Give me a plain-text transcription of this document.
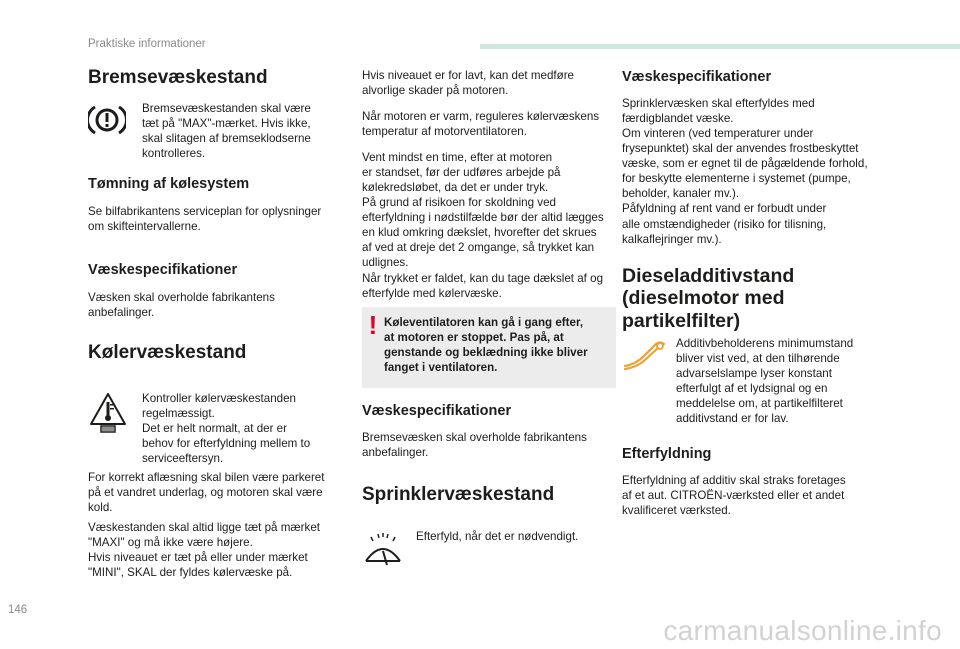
Praktiske informationer
Bremsevæskestand

Bremsevæskestanden skal være
tæt på "MAX"-mærket. Hvis ikke,
skal slitagen af bremseklodserne
kontrolleres.

Tømning af kølesystem

Se bilfabrikantens serviceplan for oplysninger
om skifteintervallerne.

Væskespecifikationer

Væsken skal overholde fabrikantens
anbefalinger.

Kølervæskestand

Kontroller kølervæskestanden
regelmæssigt.
Det er helt normalt, at der er
behov for efterfyldning mellem to
serviceeftersyn.

For korrekt aflæsning skal bilen være parkeret
på et vandret underlag, og motoren skal være
kold.

Væskestanden skal altid ligge tæt på mærket
"MAXI" og må ikke være højere.
Hvis niveauet er tæt på eller under mærket
"MINI", SKAL der fyldes kølervæske på.

Hvis niveauet er for lavt, kan det medføre
alvorlige skader på motoren.

Når motoren er varm, reguleres kølervæskens
temperatur af motorventilatoren.

Vent mindst en time, efter at motoren
er standset, før der udføres arbejde på
kølekredsløbet, da det er under tryk.
På grund af risikoen for skoldning ved
efterfyldning i nødstilfælde bør der altid lægges
en klud omkring dækslet, hvorefter det skrues
af ved at dreje det 2 omgange, så trykket kan
udlignes.
Når trykket er faldet, kan du tage dækslet af og
efterfylde med kølervæske.

! Køleventilatoren kan gå i gang efter,
at motoren er stoppet. Pas på, at
genstande og beklædning ikke bliver
fanget i ventilatoren.

Væskespecifikationer

Bremsevæsken skal overholde fabrikantens
anbefalinger.

Sprinklervæskestand

Efterfyld, når det er nødvendigt.

Væskespecifikationer

Sprinklervæsken skal efterfyldes med
færdigblandet væske.
Om vinteren (ved temperaturer under
frysepunktet) skal der anvendes frostbeskyttet
væske, som er egnet til de pågældende forhold,
for beskytte elementerne i systemet (pumpe,
beholder, kanaler mv.).
Påfyldning af rent vand er forbudt under
alle omstændigheder (risiko for tilisning,
kalkaflejringer mv.).

Dieseladditivstand (dieselmotor med partikelfilter)

Additivbeholderens minimumstand
bliver vist ved, at den tilhørende
advarselslampe lyser konstant
efterfulgt af et lydsignal og en
meddelelse om, at partikelfilteret
additivstand er for lav.

Efterfyldning

Efterfyldning af additiv skal straks foretages
af et aut. CITROËN-værksted eller et andet
kvalificeret værksted.

146
carmanualsonline.info
